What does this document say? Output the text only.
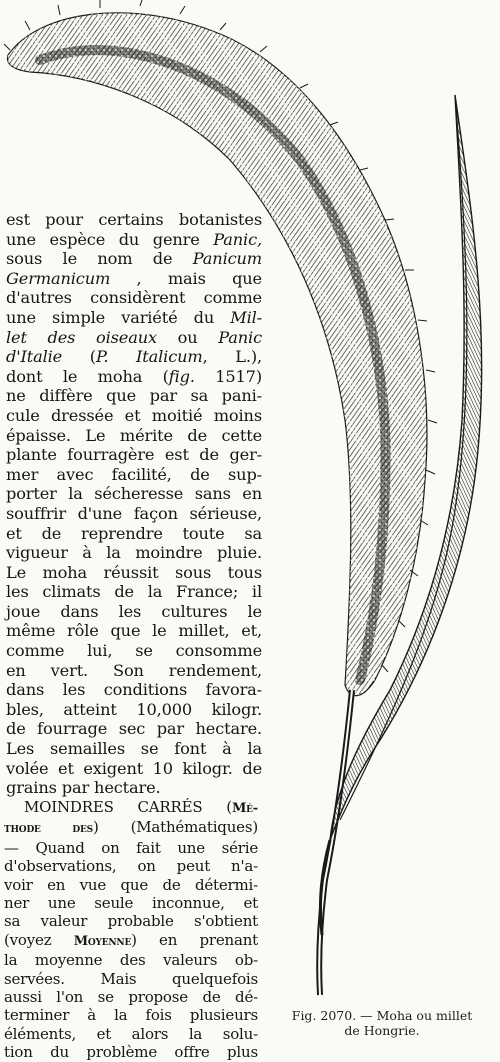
est pour certains botanistes
une espèce du genre Panic,
sous le nom de Panicum
Germanicum , mais que
d'autres considèrent comme
une simple variété du Mil-
let des oiseaux ou Panic
d'Italie (P. Italicum, L.),
dont le moha (fig. 1517)
ne diffère que par sa pani-
cule dressée et moitié moins
épaisse. Le mérite de cette
plante fourragère est de ger-
mer avec facilité, de sup-
porter la sécheresse sans en
souffrir d'une façon sérieuse,
et de reprendre toute sa
vigueur à la moindre pluie.
Le moha réussit sous tous
les climats de la France; il
joue dans les cultures le
même rôle que le millet, et,
comme lui, se consomme
en vert. Son rendement,
dans les conditions favora-
bles, atteint 10,000 kilogr.
de fourrage sec par hectare.
Les semailles se font à la
volée et exigent 10 kilogr. de
grains par hectare.
MOINDRES CARRÉS (Mé-
thode des) (Mathématiques)
— Quand on fait une série
d'observations, on peut n'a-
voir en vue que de détermi-
ner une seule inconnue, et
sa valeur probable s'obtient
(voyez Moyenne) en prenant
la moyenne des valeurs ob-
servées. Mais quelquefois
aussi l'on se propose de dé-
terminer à la fois plusieurs
éléments, et alors la solu-
tion du problème offre plus
Fig. 2070. — Moha ou millet
de Hongrie.
